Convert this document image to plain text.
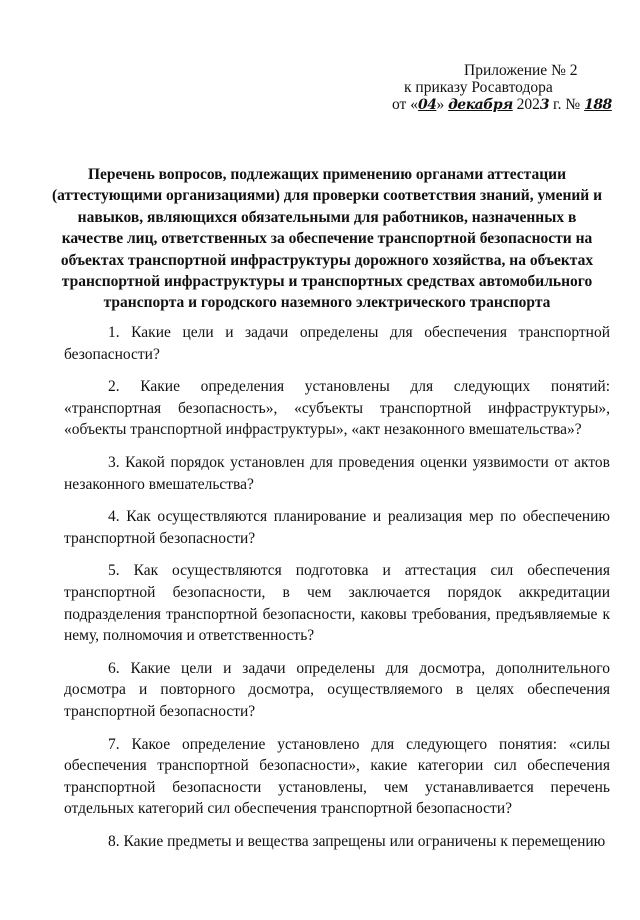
Приложение № 2
к приказу Росавтодора
от «04» декабря 2023 г. № 188
Перечень вопросов, подлежащих применению органами аттестации (аттестующими организациями) для проверки соответствия знаний, умений и навыков, являющихся обязательными для работников, назначенных в качестве лиц, ответственных за обеспечение транспортной безопасности на объектах транспортной инфраструктуры дорожного хозяйства, на объектах транспортной инфраструктуры и транспортных средствах автомобильного транспорта и городского наземного электрического транспорта

1. Какие цели и задачи определены для обеспечения транспортной безопасности?

2. Какие определения установлены для следующих понятий: «транспортная безопасность», «субъекты транспортной инфраструктуры», «объекты транспортной инфраструктуры», «акт незаконного вмешательства»?

3. Какой порядок установлен для проведения оценки уязвимости от актов незаконного вмешательства?

4. Как осуществляются планирование и реализация мер по обеспечению транспортной безопасности?

5. Как осуществляются подготовка и аттестация сил обеспечения транспортной безопасности, в чем заключается порядок аккредитации подразделения транспортной безопасности, каковы требования, предъявляемые к нему, полномочия и ответственность?

6. Какие цели и задачи определены для досмотра, дополнительного досмотра и повторного досмотра, осуществляемого в целях обеспечения транспортной безопасности?

7. Какое определение установлено для следующего понятия: «силы обеспечения транспортной безопасности», какие категории сил обеспечения транспортной безопасности установлены, чем устанавливается перечень отдельных категорий сил обеспечения транспортной безопасности?

8. Какие предметы и вещества запрещены или ограничены к перемещению
